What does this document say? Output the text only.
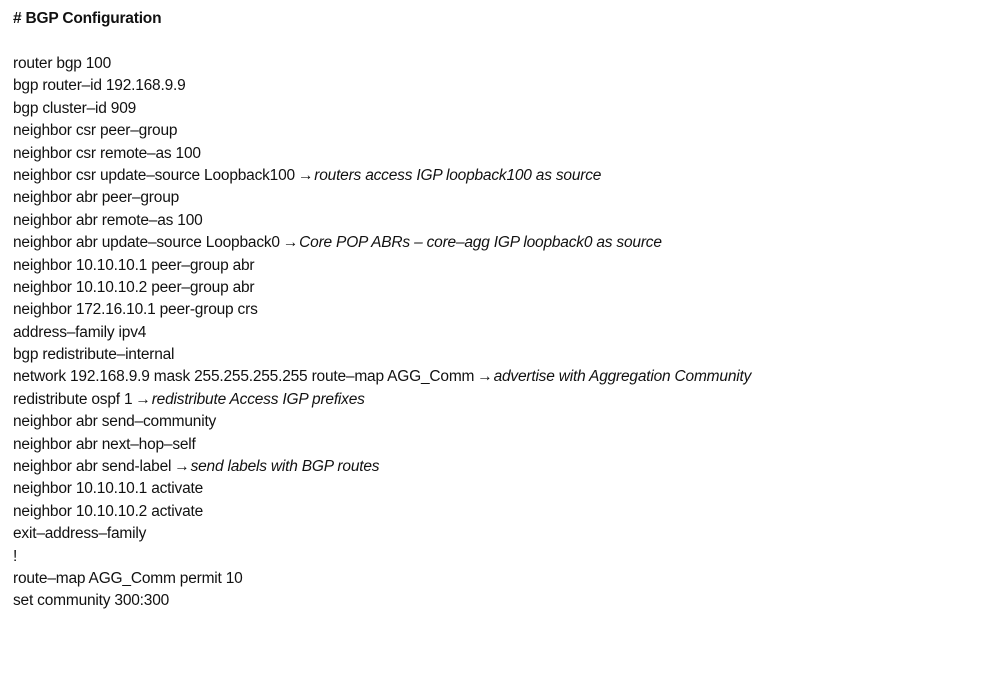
# BGP Configuration
router bgp 100
bgp router–id 192.168.9.9
bgp cluster–id 909
neighbor csr peer–group
neighbor csr remote–as 100
neighbor csr update–source Loopback100 →routers access IGP loopback100 as source
neighbor abr peer–group
neighbor abr remote–as 100
neighbor abr update–source Loopback0 →Core POP ABRs – core–agg IGP loopback0 as source
neighbor 10.10.10.1 peer–group abr
neighbor 10.10.10.2 peer–group abr
neighbor 172.16.10.1 peer-group crs
address–family ipv4
bgp redistribute–internal
network 192.168.9.9 mask 255.255.255.255 route–map AGG_Comm →advertise with Aggregation Community
redistribute ospf 1 →redistribute Access IGP prefixes
neighbor abr send–community
neighbor abr next–hop–self
neighbor abr send-label →send labels with BGP routes
neighbor 10.10.10.1 activate
neighbor 10.10.10.2 activate
exit–address–family
!
route–map AGG_Comm permit 10
set community 300:300
